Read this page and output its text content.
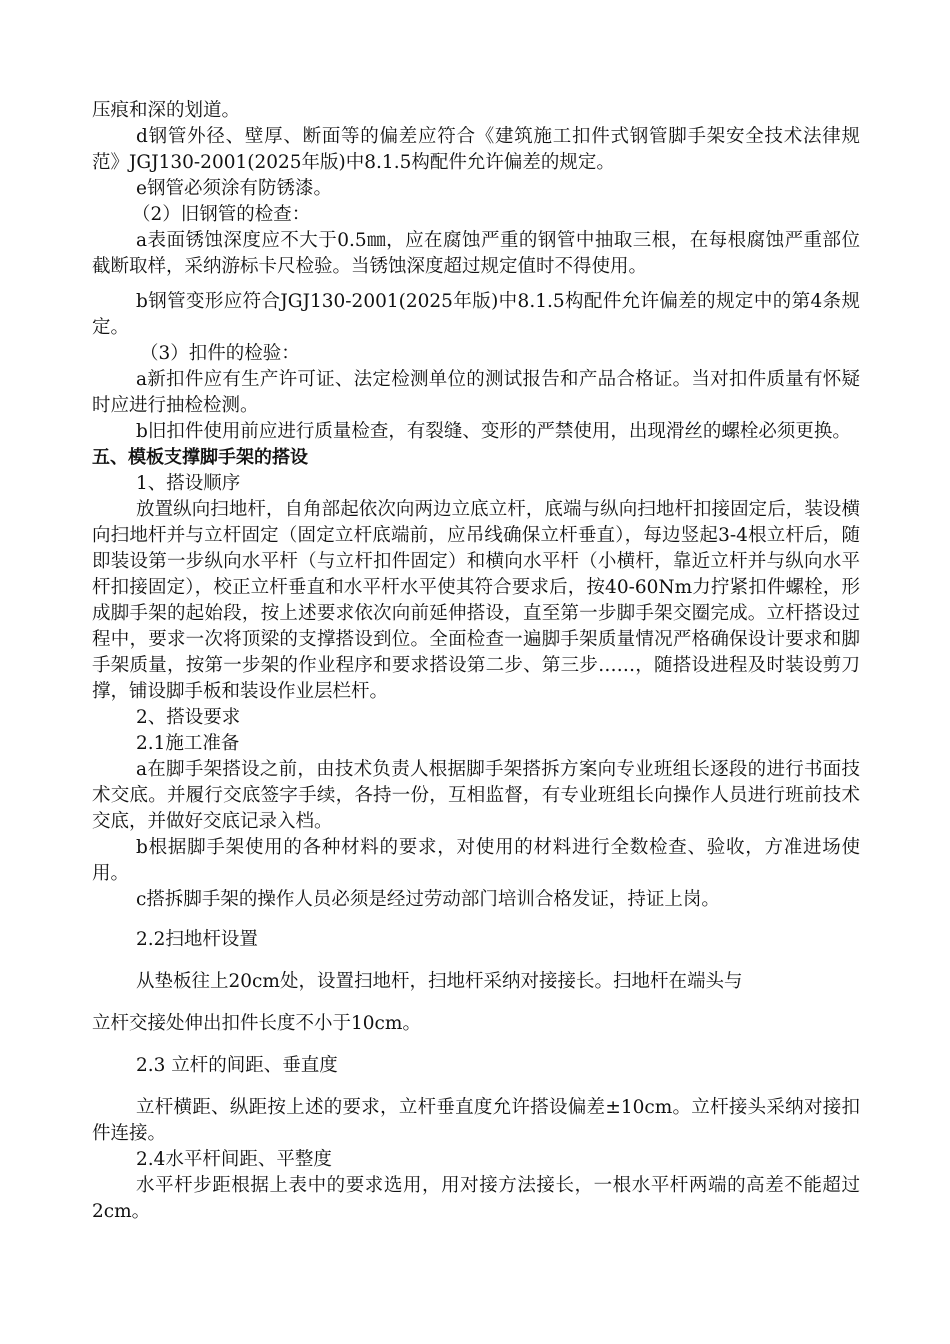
压痕和深的划道。

d钢管外径、壁厚、断面等的偏差应符合《建筑施工扣件式钢管脚手架安全技术法律规范》JGJ130-2001(2025年版)中8.1.5构配件允许偏差的规定。

e钢管必须涂有防锈漆。

（2）旧钢管的检查：

a表面锈蚀深度应不大于0.5㎜，应在腐蚀严重的钢管中抽取三根，在每根腐蚀严重部位截断取样，采纳游标卡尺检验。当锈蚀深度超过规定值时不得使用。

b钢管变形应符合JGJ130-2001(2025年版)中8.1.5构配件允许偏差的规定中的第4条规定。

（3）扣件的检验：

a新扣件应有生产许可证、法定检测单位的测试报告和产品合格证。当对扣件质量有怀疑时应进行抽检检测。

b旧扣件使用前应进行质量检查，有裂缝、变形的严禁使用，出现滑丝的螺栓必须更换。

五、模板支撑脚手架的搭设

1、搭设顺序

放置纵向扫地杆，自角部起依次向两边立底立杆，底端与纵向扫地杆扣接固定后，装设横向扫地杆并与立杆固定（固定立杆底端前，应吊线确保立杆垂直），每边竖起3-4根立杆后，随即装设第一步纵向水平杆（与立杆扣件固定）和横向水平杆（小横杆，靠近立杆并与纵向水平杆扣接固定），校正立杆垂直和水平杆水平使其符合要求后，按40-60Nm力拧紧扣件螺栓，形成脚手架的起始段，按上述要求依次向前延伸搭设，直至第一步脚手架交圈完成。立杆搭设过程中，要求一次将顶梁的支撑搭设到位。全面检查一遍脚手架质量情况严格确保设计要求和脚手架质量，按第一步架的作业程序和要求搭设第二步、第三步……，随搭设进程及时装设剪刀撑，铺设脚手板和装设作业层栏杆。

2、搭设要求

2.1施工准备

a在脚手架搭设之前，由技术负责人根据脚手架搭拆方案向专业班组长逐段的进行书面技术交底。并履行交底签字手续，各持一份，互相监督，有专业班组长向操作人员进行班前技术交底，并做好交底记录入档。

b根据脚手架使用的各种材料的要求，对使用的材料进行全数检查、验收，方准进场使用。

c搭拆脚手架的操作人员必须是经过劳动部门培训合格发证，持证上岗。

2.2扫地杆设置

从垫板往上20cm处，设置扫地杆，扫地杆采纳对接接长。扫地杆在端头与

立杆交接处伸出扣件长度不小于10cm。

2.3 立杆的间距、垂直度

立杆横距、纵距按上述的要求，立杆垂直度允许搭设偏差±10cm。立杆接头采纳对接扣件连接。

2.4水平杆间距、平整度

水平杆步距根据上表中的要求选用，用对接方法接长，一根水平杆两端的高差不能超过2cm。
